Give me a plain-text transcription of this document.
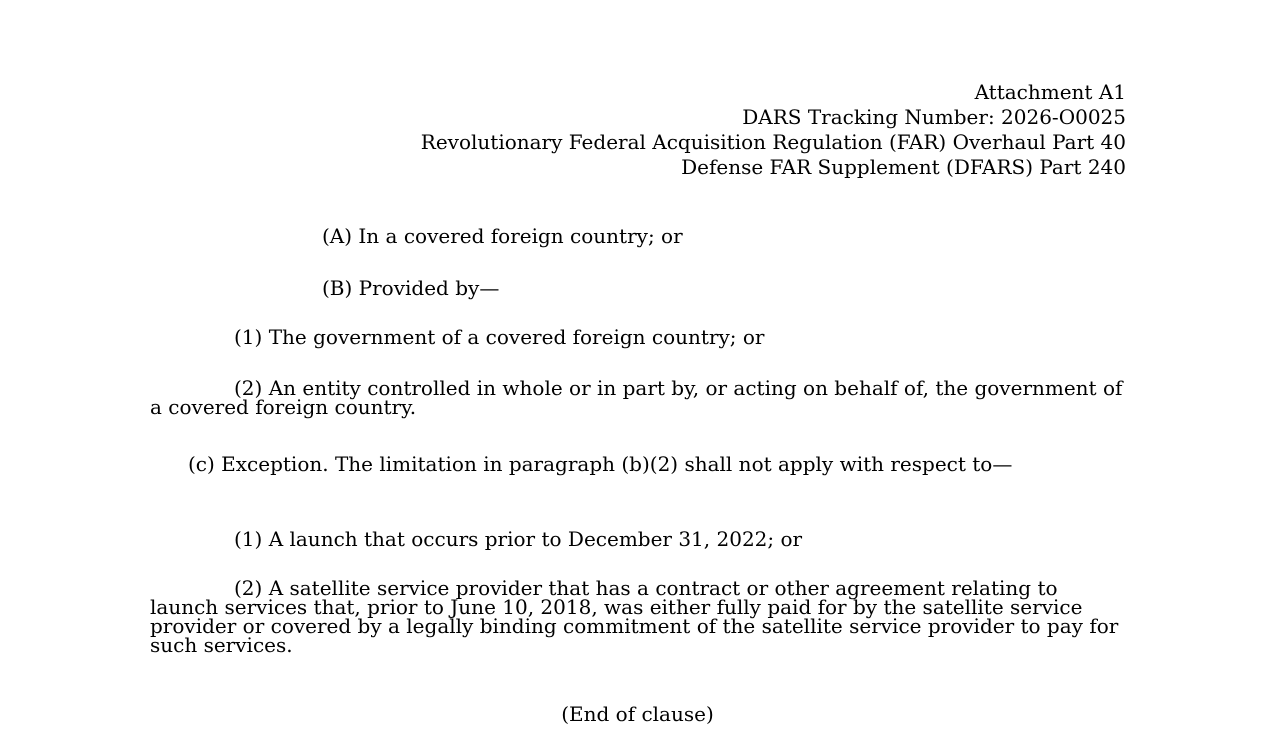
Attachment A1
DARS Tracking Number: 2026-O0025
Revolutionary Federal Acquisition Regulation (FAR) Overhaul Part 40
Defense FAR Supplement (DFARS) Part 240

(A) In a covered foreign country; or

(B) Provided by—

(1) The government of a covered foreign country; or

(2) An entity controlled in whole or in part by, or acting on behalf of, the government of a covered foreign country.

(c) Exception. The limitation in paragraph (b)(2) shall not apply with respect to—

(1) A launch that occurs prior to December 31, 2022; or

(2) A satellite service provider that has a contract or other agreement relating to launch services that, prior to June 10, 2018, was either fully paid for by the satellite service provider or covered by a legally binding commitment of the satellite service provider to pay for such services.

(End of clause)
